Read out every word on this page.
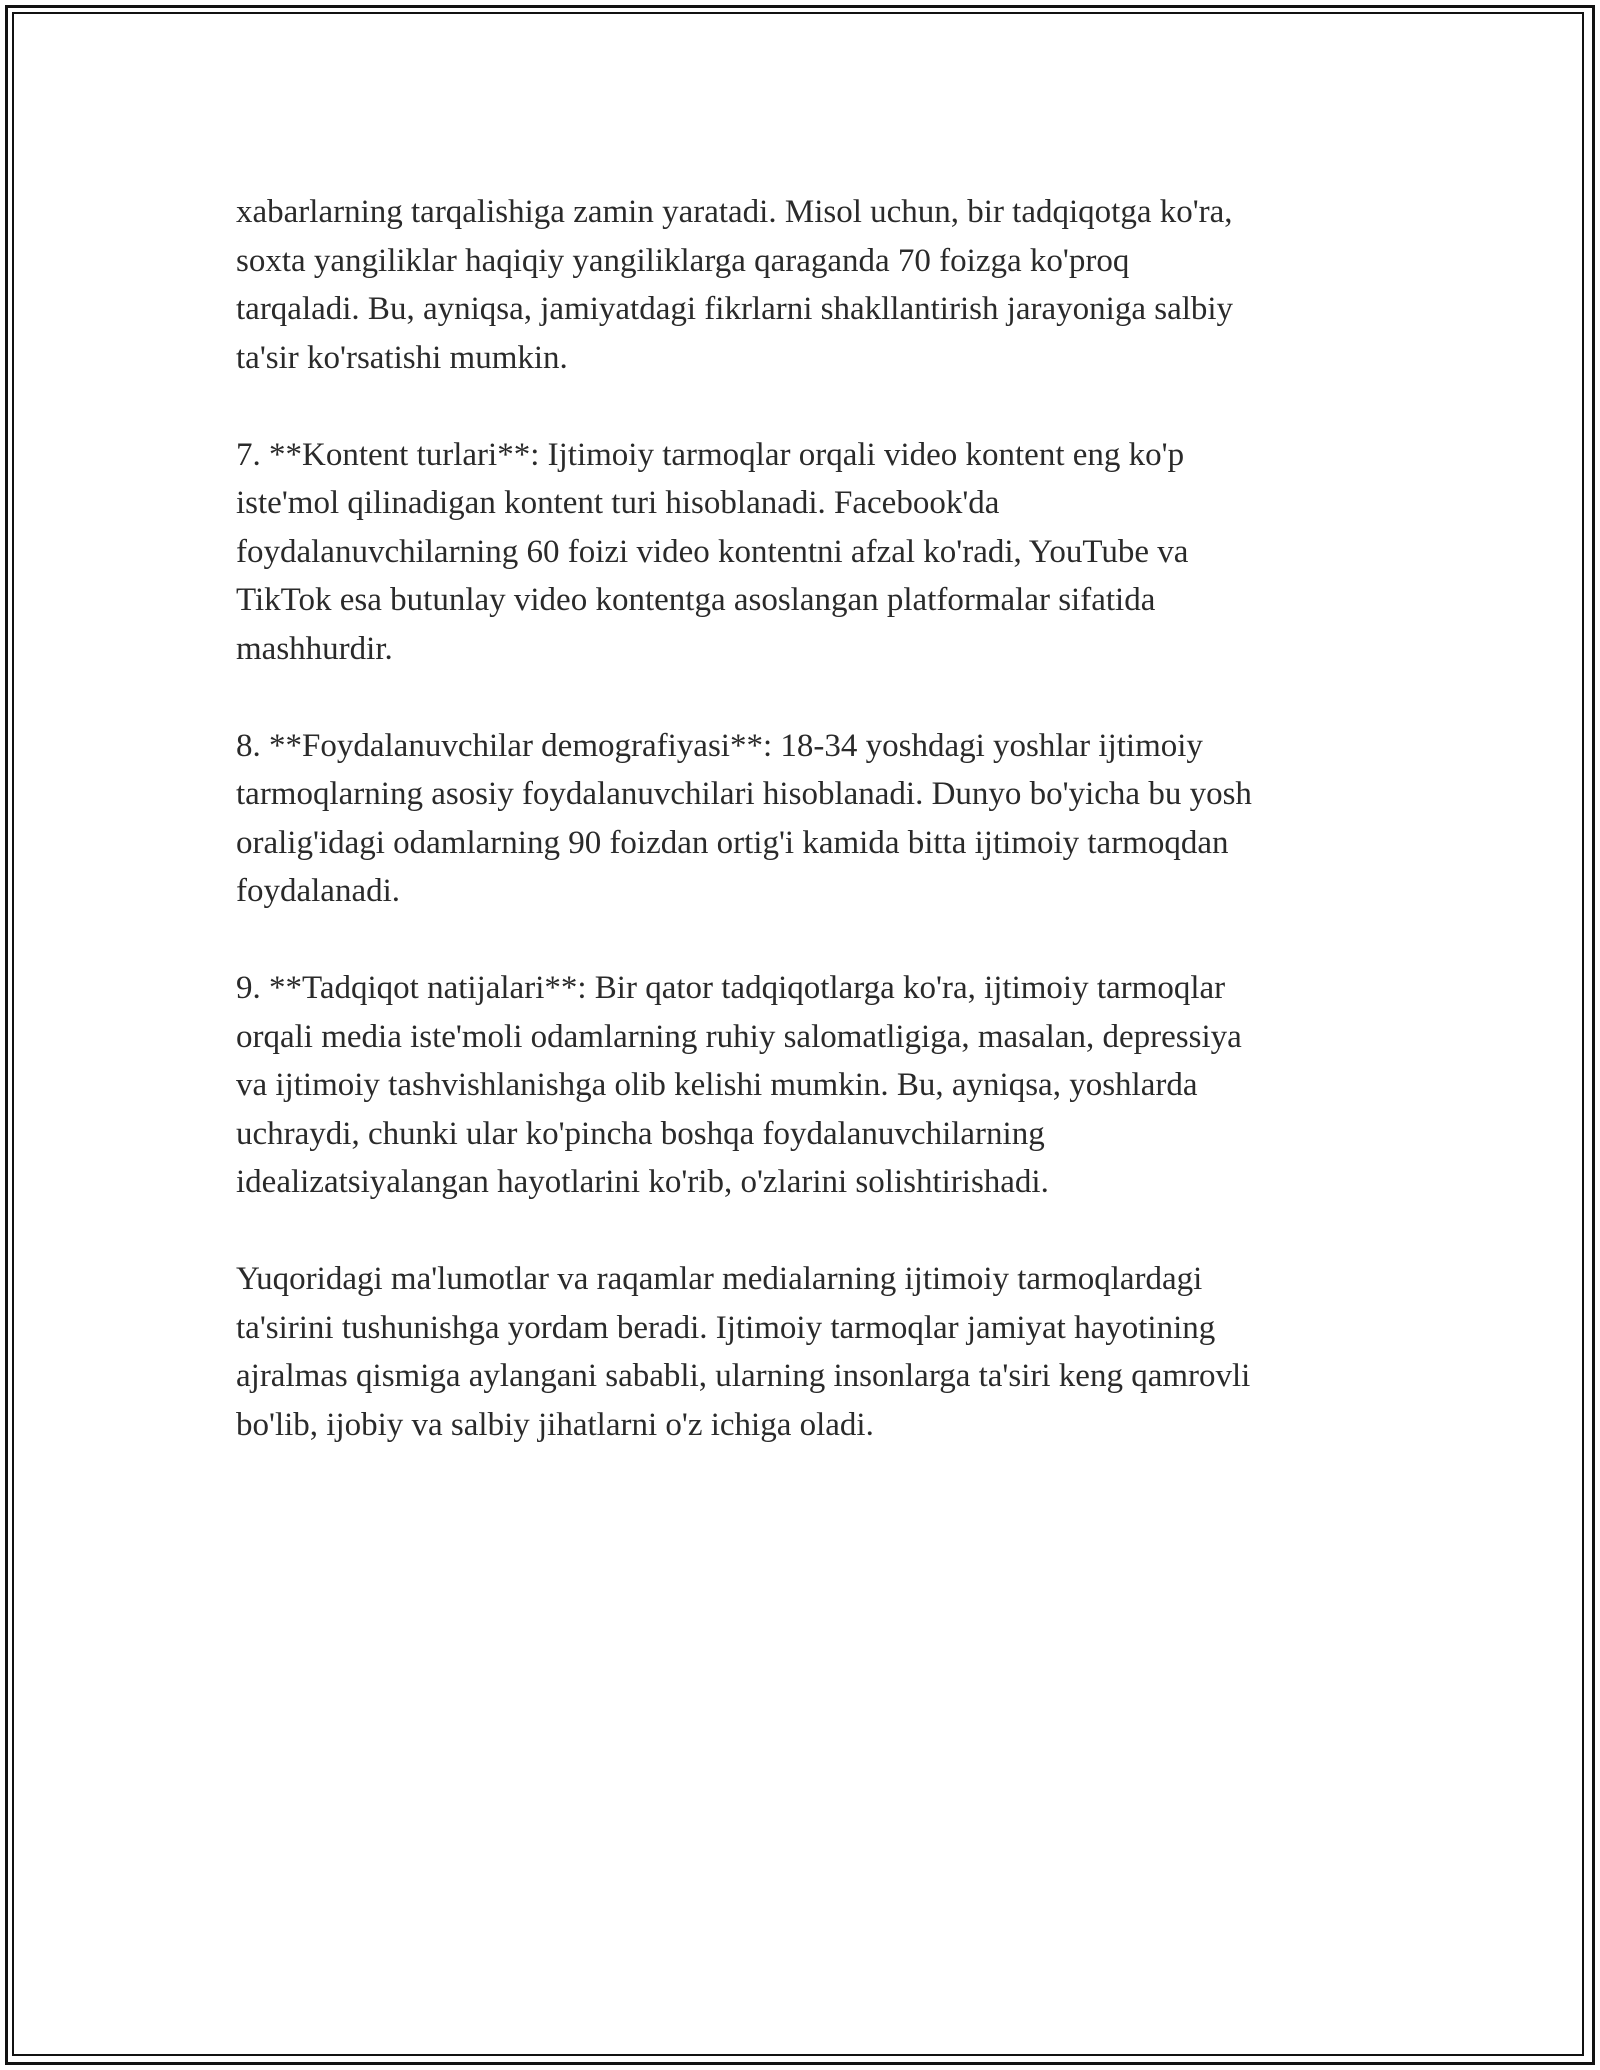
xabarlarning tarqalishiga zamin yaratadi. Misol uchun, bir tadqiqotga ko'ra,
soxta yangiliklar haqiqiy yangiliklarga qaraganda 70 foizga ko'proq
tarqaladi. Bu, ayniqsa, jamiyatdagi fikrlarni shakllantirish jarayoniga salbiy
ta'sir ko'rsatishi mumkin.

7. **Kontent turlari**: Ijtimoiy tarmoqlar orqali video kontent eng ko'p
iste'mol qilinadigan kontent turi hisoblanadi. Facebook'da
foydalanuvchilarning 60 foizi video kontentni afzal ko'radi, YouTube va
TikTok esa butunlay video kontentga asoslangan platformalar sifatida
mashhurdir.

8. **Foydalanuvchilar demografiyasi**: 18-34 yoshdagi yoshlar ijtimoiy
tarmoqlarning asosiy foydalanuvchilari hisoblanadi. Dunyo bo'yicha bu yosh
oralig'idagi odamlarning 90 foizdan ortig'i kamida bitta ijtimoiy tarmoqdan
foydalanadi.

9. **Tadqiqot natijalari**: Bir qator tadqiqotlarga ko'ra, ijtimoiy tarmoqlar
orqali media iste'moli odamlarning ruhiy salomatligiga, masalan, depressiya
va ijtimoiy tashvishlanishga olib kelishi mumkin. Bu, ayniqsa, yoshlarda
uchraydi, chunki ular ko'pincha boshqa foydalanuvchilarning
idealizatsiyalangan hayotlarini ko'rib, o'zlarini solishtirishadi.

Yuqoridagi ma'lumotlar va raqamlar medialarning ijtimoiy tarmoqlardagi
ta'sirini tushunishga yordam beradi. Ijtimoiy tarmoqlar jamiyat hayotining
ajralmas qismiga aylangani sababli, ularning insonlarga ta'siri keng qamrovli
bo'lib, ijobiy va salbiy jihatlarni o'z ichiga oladi.
